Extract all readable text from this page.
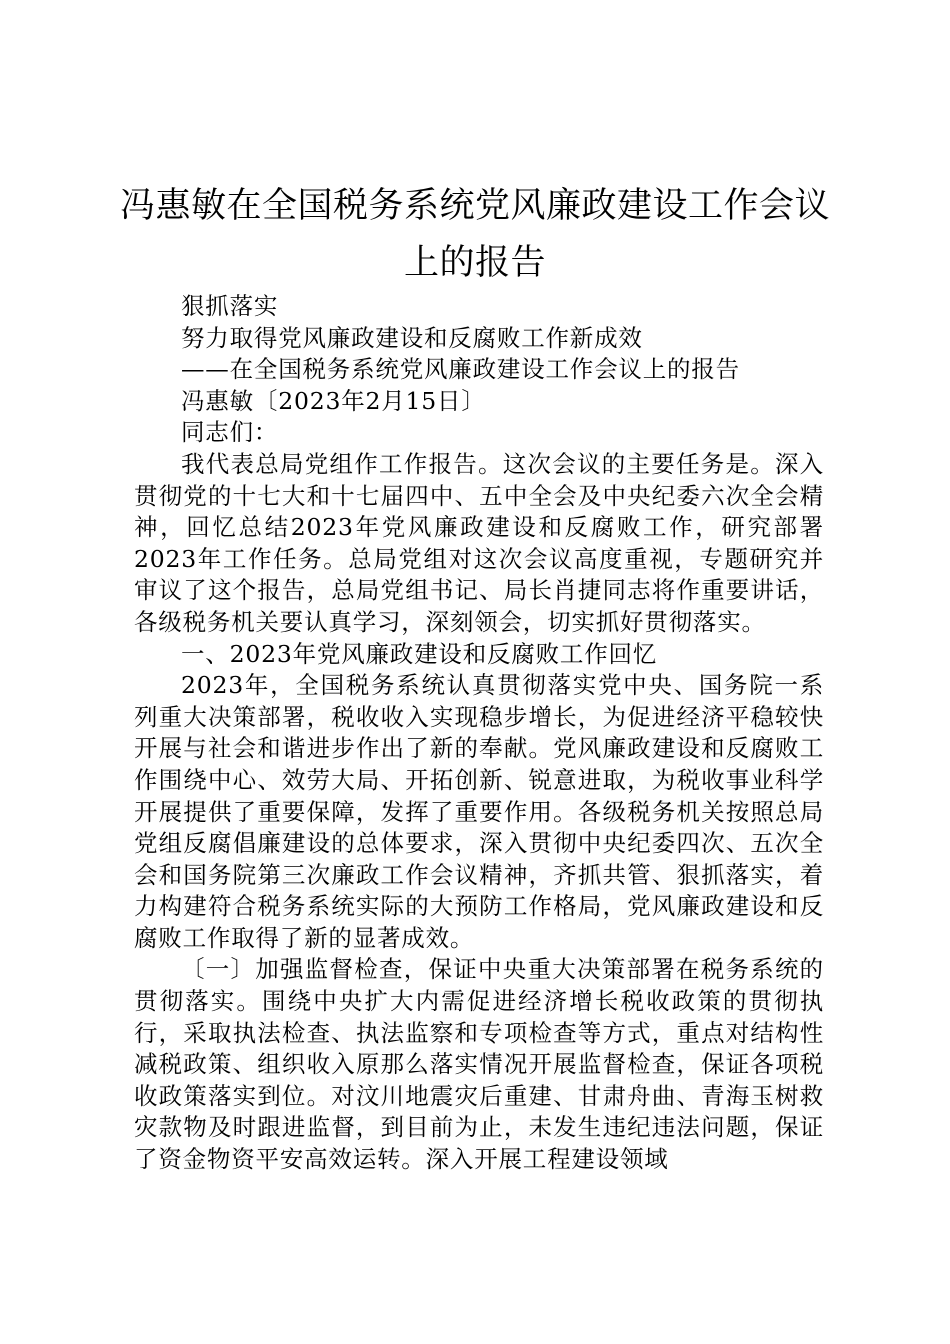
冯惠敏在全国税务系统党风廉政建设工作会议上的报告

狠抓落实

努力取得党风廉政建设和反腐败工作新成效

——在全国税务系统党风廉政建设工作会议上的报告

冯惠敏〔2023年2月15日〕

同志们：

我代表总局党组作工作报告。这次会议的主要任务是。深入贯彻党的十七大和十七届四中、五中全会及中央纪委六次全会精神，回忆总结2023年党风廉政建设和反腐败工作，研究部署2023年工作任务。总局党组对这次会议高度重视，专题研究并审议了这个报告，总局党组书记、局长肖捷同志将作重要讲话，各级税务机关要认真学习，深刻领会，切实抓好贯彻落实。

一、2023年党风廉政建设和反腐败工作回忆

2023年，全国税务系统认真贯彻落实党中央、国务院一系列重大决策部署，税收收入实现稳步增长，为促进经济平稳较快开展与社会和谐进步作出了新的奉献。党风廉政建设和反腐败工作围绕中心、效劳大局、开拓创新、锐意进取，为税收事业科学开展提供了重要保障，发挥了重要作用。各级税务机关按照总局党组反腐倡廉建设的总体要求，深入贯彻中央纪委四次、五次全会和国务院第三次廉政工作会议精神，齐抓共管、狠抓落实，着力构建符合税务系统实际的大预防工作格局，党风廉政建设和反腐败工作取得了新的显著成效。

〔一〕加强监督检查，保证中央重大决策部署在税务系统的贯彻落实。围绕中央扩大内需促进经济增长税收政策的贯彻执行，采取执法检查、执法监察和专项检查等方式，重点对结构性减税政策、组织收入原那么落实情况开展监督检查，保证各项税收政策落实到位。对汶川地震灾后重建、甘肃舟曲、青海玉树救灾款物及时跟进监督，到目前为止，未发生违纪违法问题，保证了资金物资平安高效运转。深入开展工程建设领域
